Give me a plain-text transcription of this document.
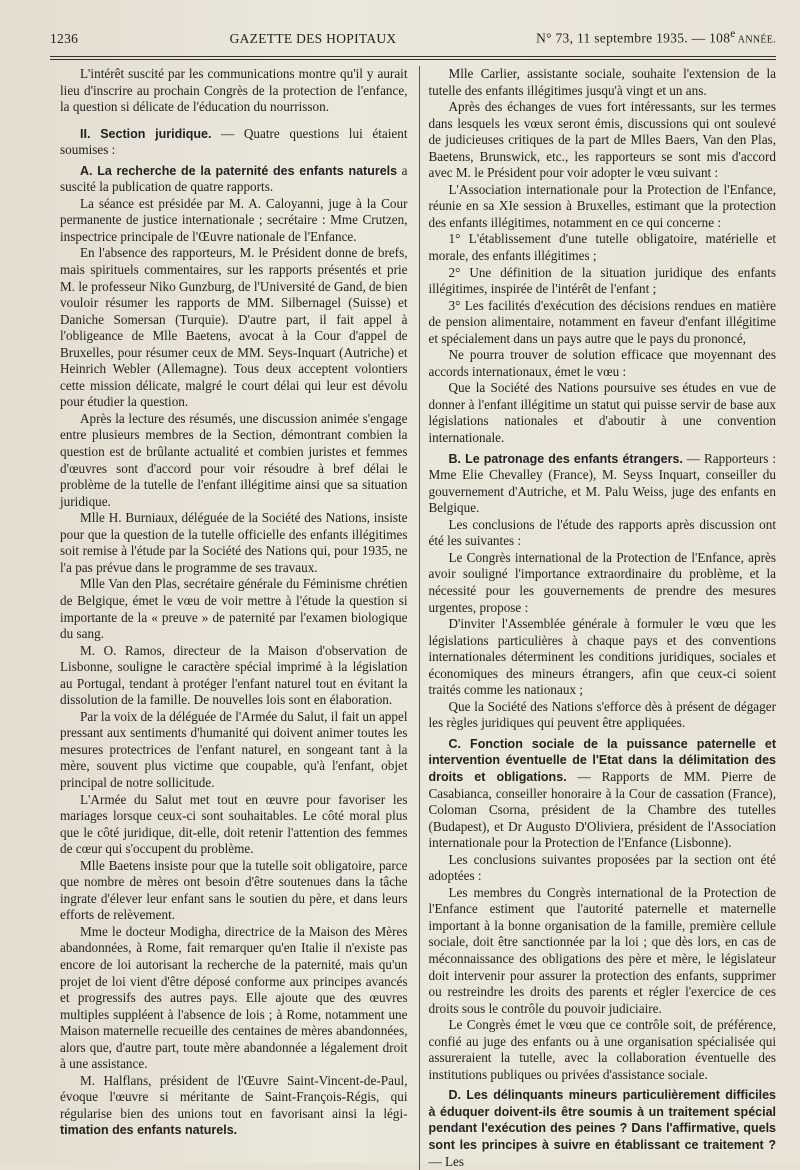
1236	GAZETTE DES HOPITAUX	N° 73, 11 septembre 1935. — 108e ANNÉE.

L'intérêt suscité par les communications montre qu'il y aurait lieu d'inscrire au prochain Congrès de la protection de l'enfance, la question si délicate de l'éducation du nourrisson.

II. Section juridique. — Quatre questions lui étaient soumises :

A. La recherche de la paternité des enfants naturels a suscité la publication de quatre rapports.

La séance est présidée par M. A. Caloyanni, juge à la Cour permanente de justice internationale ; secrétaire : Mme Crutzen, inspectrice principale de l'Œuvre nationale de l'Enfance.

En l'absence des rapporteurs, M. le Président donne de brefs, mais spirituels commentaires, sur les rapports présentés et prie M. le professeur Niko Gunzburg, de l'Université de Gand, de bien vouloir résumer les rapports de MM. Silbernagel (Suisse) et Daniche Somersan (Turquie). D'autre part, il fait appel à l'obligeance de Mlle Baetens, avocat à la Cour d'appel de Bruxelles, pour résumer ceux de MM. Seys-Inquart (Autriche) et Heinrich Webler (Allemagne). Tous deux acceptent volontiers cette mission délicate, malgré le court délai qui leur est dévolu pour étudier la question.

Après la lecture des résumés, une discussion animée s'engage entre plusieurs membres de la Section, démontrant combien la question est de brûlante actualité et combien juristes et femmes d'œuvres sont d'accord pour voir résoudre à bref délai le problème de la tutelle de l'enfant illégitime ainsi que sa situation juridique.

Mlle H. Burniaux, déléguée de la Société des Nations, insiste pour que la question de la tutelle officielle des enfants illégitimes soit remise à l'étude par la Société des Nations qui, pour 1935, ne l'a pas prévue dans le programme de ses travaux.

Mlle Van den Plas, secrétaire générale du Féminisme chrétien de Belgique, émet le vœu de voir mettre à l'étude la question si importante de la « preuve » de paternité par l'examen biologique du sang.

M. O. Ramos, directeur de la Maison d'observation de Lisbonne, souligne le caractère spécial imprimé à la législation au Portugal, tendant à protéger l'enfant naturel tout en évitant la dissolution de la famille. De nouvelles lois sont en élaboration.

Par la voix de la déléguée de l'Armée du Salut, il fait un appel pressant aux sentiments d'humanité qui doivent animer toutes les mesures protectrices de l'enfant naturel, en songeant tant à la mère, souvent plus victime que coupable, qu'à l'enfant, objet principal de notre sollicitude.

L'Armée du Salut met tout en œuvre pour favoriser les mariages lorsque ceux-ci sont souhaitables. Le côté moral plus que le côté juridique, dit-elle, doit retenir l'attention des femmes de cœur qui s'occupent du problème.

Mlle Baetens insiste pour que la tutelle soit obligatoire, parce que nombre de mères ont besoin d'être soutenues dans la tâche ingrate d'élever leur enfant sans le soutien du père, et dans leurs efforts de relèvement.

Mme le docteur Modigha, directrice de la Maison des Mères abandonnées, à Rome, fait remarquer qu'en Italie il n'existe pas encore de loi autorisant la recherche de la paternité, mais qu'un projet de loi vient d'être déposé conforme aux principes avancés et progressifs des autres pays. Elle ajoute que des œuvres multiples suppléent à l'absence de lois ; à Rome, notamment une Maison maternelle recueille des centaines de mères abandonnées, alors que, d'autre part, toute mère abandonnée a légalement droit à une assistance.

M. Halflans, président de l'Œuvre Saint-Vincent-de-Paul, évoque l'œuvre si méritante de Saint-François-Régis, qui régularise bien des unions tout en favorisant ainsi la légi- timation des enfants naturels.

Mlle Carlier, assistante sociale, souhaite l'extension de la tutelle des enfants illégitimes jusqu'à vingt et un ans.

Après des échanges de vues fort intéressants, sur les termes dans lesquels les vœux seront émis, discussions qui ont soulevé de judicieuses critiques de la part de Mlles Baers, Van den Plas, Baetens, Brunswick, etc., les rapporteurs se sont mis d'accord avec M. le Président pour voir adopter le vœu suivant :

L'Association internationale pour la Protection de l'Enfance, réunie en sa XIe session à Bruxelles, estimant que la protection des enfants illégitimes, notamment en ce qui concerne :

1° L'établissement d'une tutelle obligatoire, matérielle et morale, des enfants illégitimes ;

2° Une définition de la situation juridique des enfants illégitimes, inspirée de l'intérêt de l'enfant ;

3° Les facilités d'exécution des décisions rendues en matière de pension alimentaire, notamment en faveur d'enfant illégitime et spécialement dans un pays autre que le pays du prononcé,

Ne pourra trouver de solution efficace que moyennant des accords internationaux, émet le vœu :

Que la Société des Nations poursuive ses études en vue de donner à l'enfant illégitime un statut qui puisse servir de base aux législations nationales et d'aboutir à une convention internationale.

B. Le patronage des enfants étrangers. — Rapporteurs : Mme Elie Chevalley (France), M. Seyss Inquart, conseiller du gouvernement d'Autriche, et M. Palu Weiss, juge des enfants en Belgique.

Les conclusions de l'étude des rapports après discussion ont été les suivantes :

Le Congrès international de la Protection de l'Enfance, après avoir souligné l'importance extraordinaire du problème, et la nécessité pour les gouvernements de prendre des mesures urgentes, propose :

D'inviter l'Assemblée générale à formuler le vœu que les législations particulières à chaque pays et des conventions internationales déterminent les conditions juridiques, sociales et économiques des mineurs étrangers, afin que ceux-ci soient traités comme les nationaux ;

Que la Société des Nations s'efforce dès à présent de dégager les règles juridiques qui peuvent être appliquées.

C. Fonction sociale de la puissance paternelle et intervention éventuelle de l'Etat dans la délimitation des droits et obligations. — Rapports de MM. Pierre de Casabianca, conseiller honoraire à la Cour de cassation (France), Coloman Csorna, président de la Chambre des tutelles (Budapest), et Dr Augusto D'Oliviera, président de l'Association internationale pour la Protection de l'Enfance (Lisbonne).

Les conclusions suivantes proposées par la section ont été adoptées :

Les membres du Congrès international de la Protection de l'Enfance estiment que l'autorité paternelle et maternelle important à la bonne organisation de la famille, première cellule sociale, doit être sanctionnée par la loi ; que dès lors, en cas de méconnaissance des obligations des père et mère, le législateur doit intervenir pour assurer la protection des enfants, supprimer ou restreindre les droits des parents et régler l'exercice de ces droits sous le contrôle du pouvoir judiciaire.

Le Congrès émet le vœu que ce contrôle soit, de préférence, confié au juge des enfants ou à une organisation spécialisée qui assureraient la tutelle, avec la collaboration éventuelle des institutions publiques ou privées d'assistance sociale.

D. Les délinquants mineurs particulièrement difficiles à éduquer doivent-ils être soumis à un traitement spécial pendant l'exécution des peines ? Dans l'affirmative, quels sont les principes à suivre en établissant ce traitement ? — Les
